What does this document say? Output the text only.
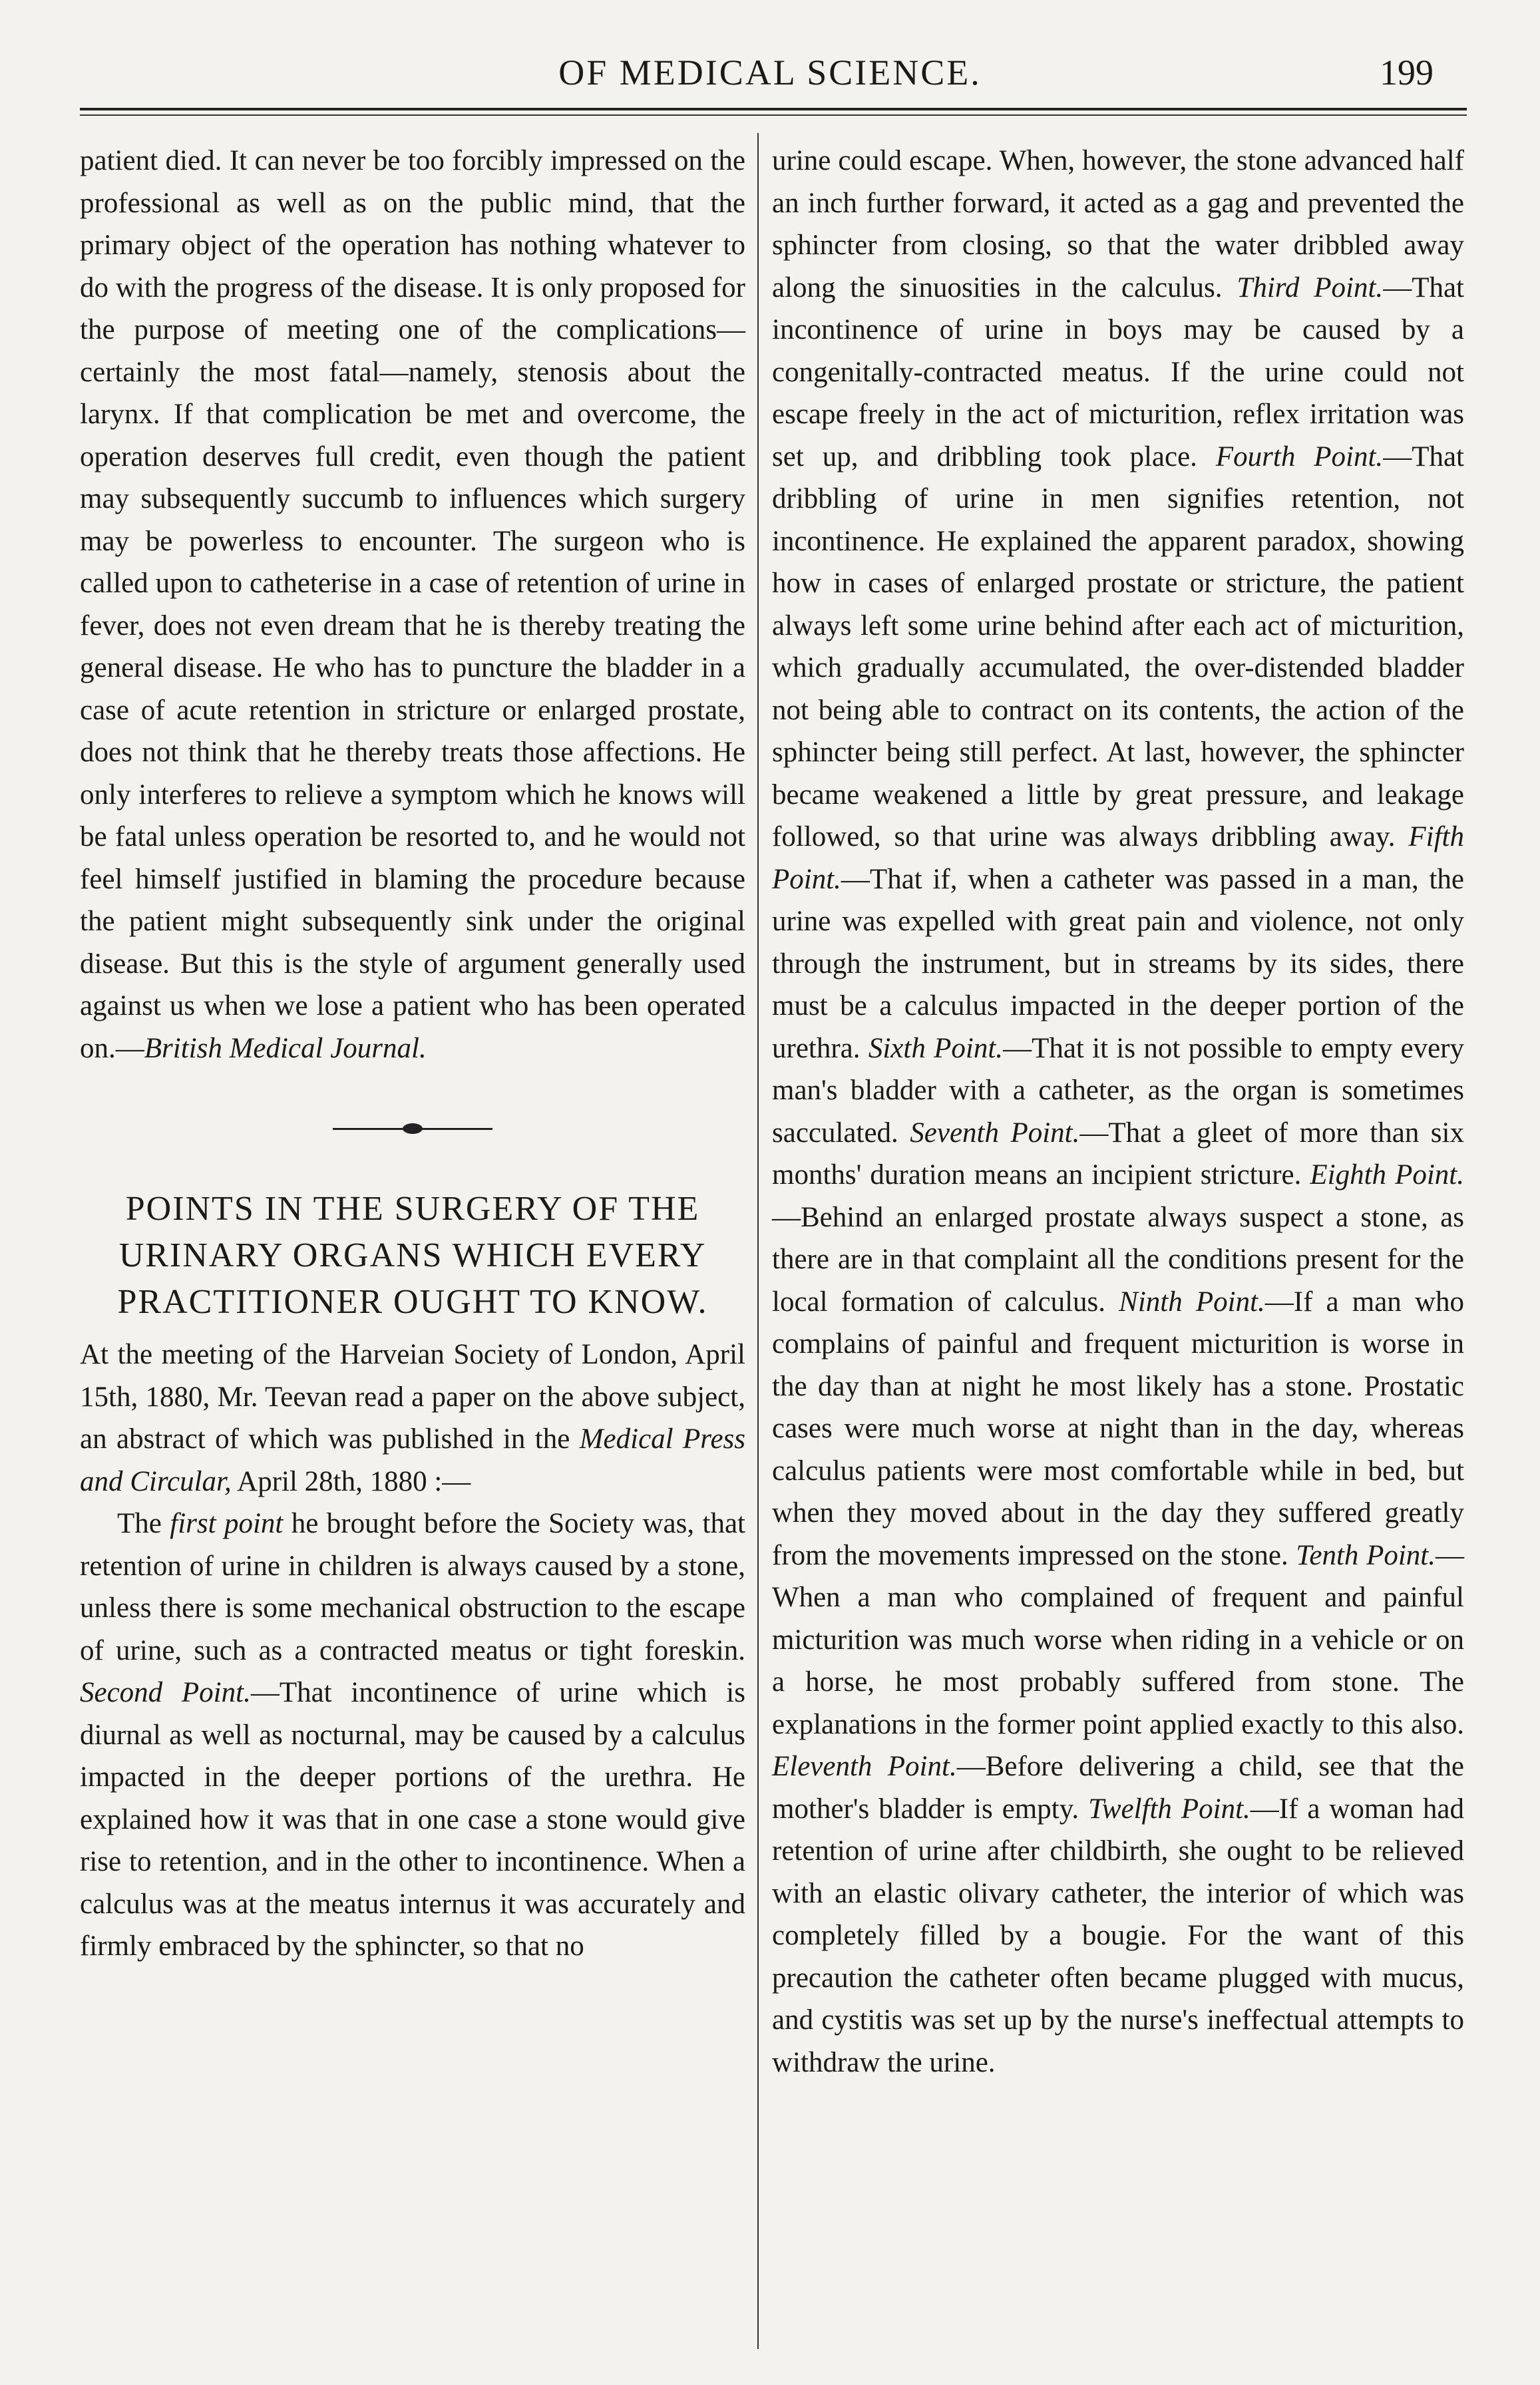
OF MEDICAL SCIENCE.	199

patient died. It can never be too forcibly impressed on the professional as well as on the public mind, that the primary object of the operation has nothing whatever to do with the progress of the disease. It is only proposed for the purpose of meeting one of the complications—certainly the most fatal—namely, stenosis about the larynx. If that complication be met and overcome, the operation deserves full credit, even though the patient may subsequently succumb to influences which surgery may be powerless to encounter. The surgeon who is called upon to catheterise in a case of retention of urine in fever, does not even dream that he is thereby treating the general disease. He who has to puncture the bladder in a case of acute retention in stricture or enlarged prostate, does not think that he thereby treats those affections. He only interferes to relieve a symptom which he knows will be fatal unless operation be resorted to, and he would not feel himself justified in blaming the procedure because the patient might subsequently sink under the original disease. But this is the style of argument generally used against us when we lose a patient who has been operated on.—British Medical Journal.

POINTS IN THE SURGERY OF THE
URINARY ORGANS WHICH EVERY
PRACTITIONER OUGHT TO KNOW.

At the meeting of the Harveian Society of London, April 15th, 1880, Mr. Teevan read a paper on the above subject, an abstract of which was published in the Medical Press and Circular, April 28th, 1880 :—

The first point he brought before the Society was, that retention of urine in children is always caused by a stone, unless there is some mechanical obstruction to the escape of urine, such as a contracted meatus or tight foreskin. Second Point.—That incontinence of urine which is diurnal as well as nocturnal, may be caused by a calculus impacted in the deeper portions of the urethra. He explained how it was that in one case a stone would give rise to retention, and in the other to incontinence. When a calculus was at the meatus internus it was accurately and firmly embraced by the sphincter, so that no

urine could escape. When, however, the stone advanced half an inch further forward, it acted as a gag and prevented the sphincter from closing, so that the water dribbled away along the sinuosities in the calculus. Third Point.—That incontinence of urine in boys may be caused by a congenitally-contracted meatus. If the urine could not escape freely in the act of micturition, reflex irritation was set up, and dribbling took place. Fourth Point.—That dribbling of urine in men signifies retention, not incontinence. He explained the apparent paradox, showing how in cases of enlarged prostate or stricture, the patient always left some urine behind after each act of micturition, which gradually accumulated, the over-distended bladder not being able to contract on its contents, the action of the sphincter being still perfect. At last, however, the sphincter became weakened a little by great pressure, and leakage followed, so that urine was always dribbling away. Fifth Point.—That if, when a catheter was passed in a man, the urine was expelled with great pain and violence, not only through the instrument, but in streams by its sides, there must be a calculus impacted in the deeper portion of the urethra. Sixth Point.—That it is not possible to empty every man's bladder with a catheter, as the organ is sometimes sacculated. Seventh Point.—That a gleet of more than six months' duration means an incipient stricture. Eighth Point.—Behind an enlarged prostate always suspect a stone, as there are in that complaint all the conditions present for the local formation of calculus. Ninth Point.—If a man who complains of painful and frequent micturition is worse in the day than at night he most likely has a stone. Prostatic cases were much worse at night than in the day, whereas calculus patients were most comfortable while in bed, but when they moved about in the day they suffered greatly from the movements impressed on the stone. Tenth Point.—When a man who complained of frequent and painful micturition was much worse when riding in a vehicle or on a horse, he most probably suffered from stone. The explanations in the former point applied exactly to this also. Eleventh Point.—Before delivering a child, see that the mother's bladder is empty. Twelfth Point.—If a woman had retention of urine after childbirth, she ought to be relieved with an elastic olivary catheter, the interior of which was completely filled by a bougie. For the want of this precaution the catheter often became plugged with mucus, and cystitis was set up by the nurse's ineffectual attempts to withdraw the urine.
